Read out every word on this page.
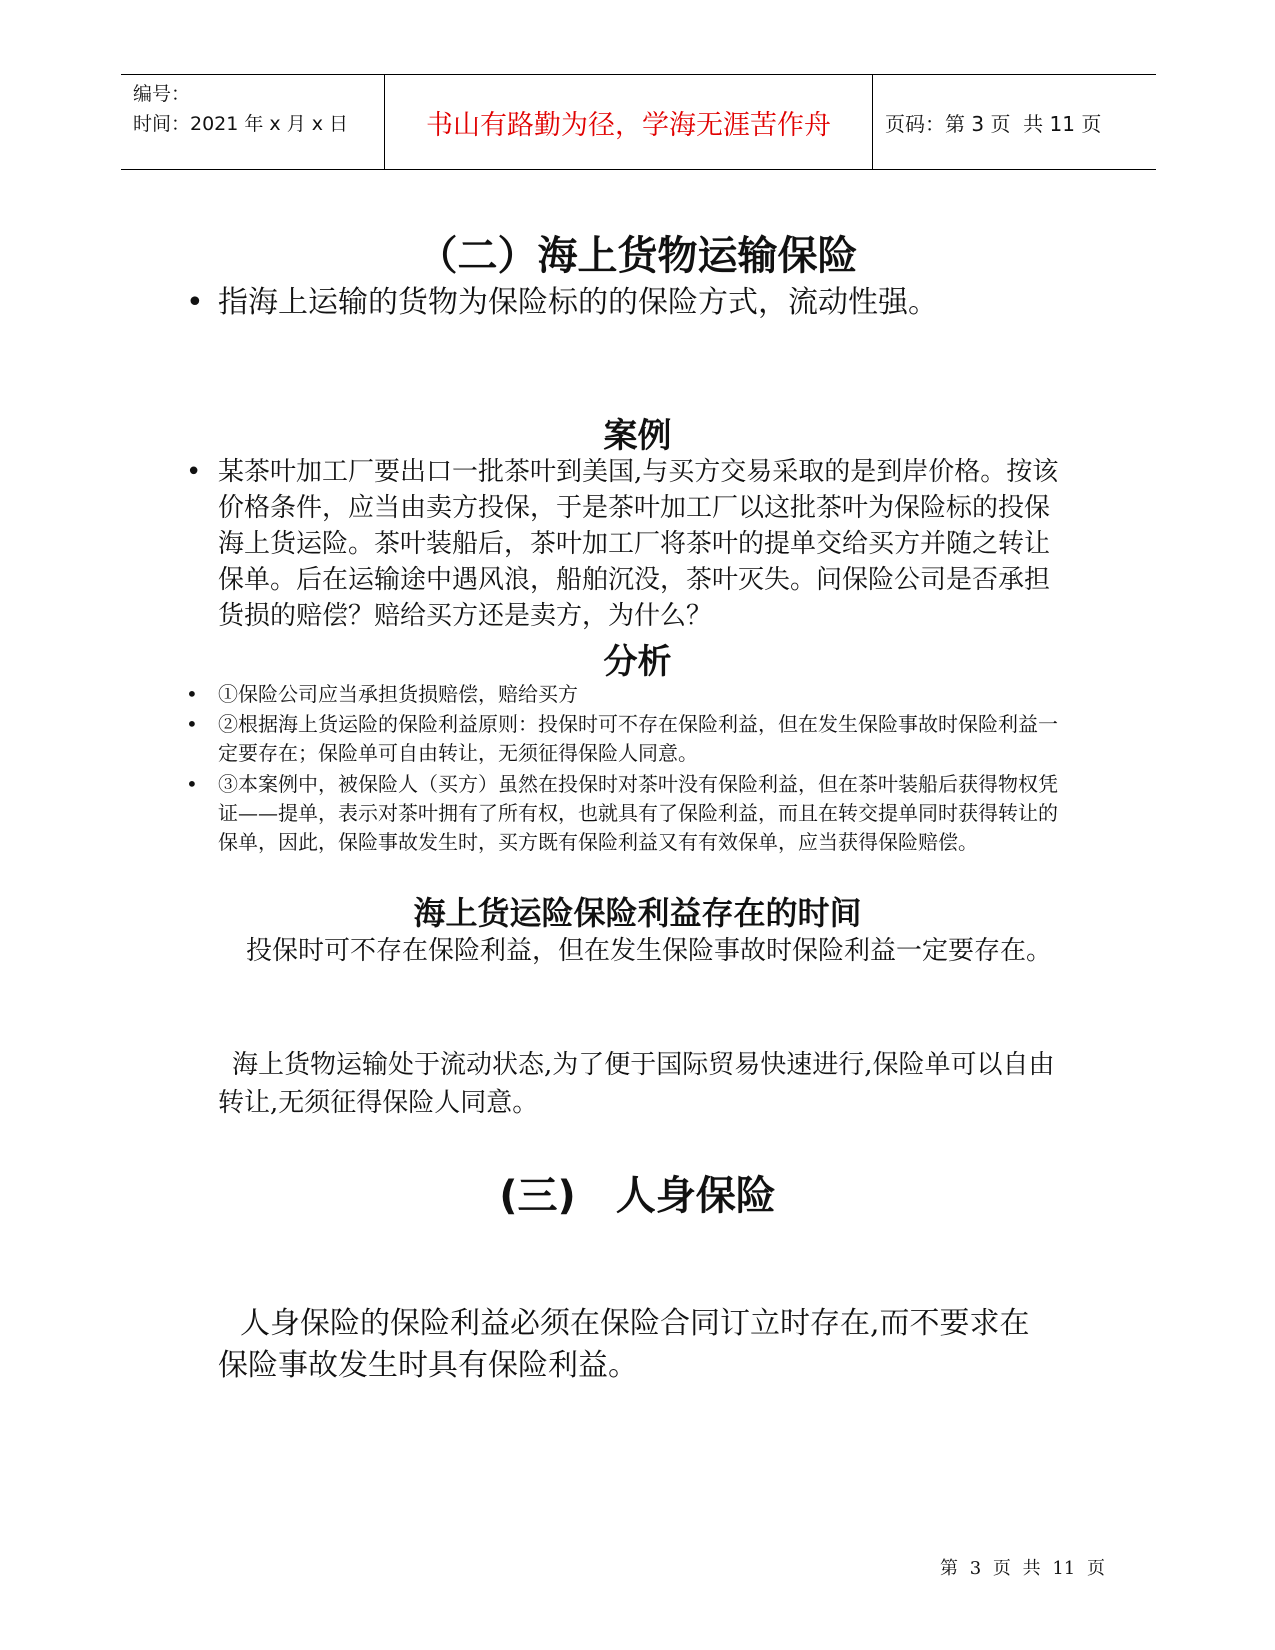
编号：
时间：2021 年 x 月 x 日	书山有路勤为径，学海无涯苦作舟	页码：第 3 页  共 11 页
（二）海上货物运输保险
• 指海上运输的货物为保险标的的保险方式，流动性强。
案例
• 某茶叶加工厂要出口一批茶叶到美国,与买方交易采取的是到岸价格。按该价格条件，应当由卖方投保，于是茶叶加工厂以这批茶叶为保险标的投保海上货运险。茶叶装船后，茶叶加工厂将茶叶的提单交给买方并随之转让保单。后在运输途中遇风浪，船舶沉没，茶叶灭失。问保险公司是否承担货损的赔偿？赔给买方还是卖方，为什么？
分析
•	①保险公司应当承担货损赔偿，赔给买方
•	②根据海上货运险的保险利益原则：投保时可不存在保险利益，但在发生保险事故时保险利益一定要存在；保险单可自由转让，无须征得保险人同意。
•	③本案例中，被保险人（买方）虽然在投保时对茶叶没有保险利益，但在茶叶装船后获得物权凭证——提单，表示对茶叶拥有了所有权，也就具有了保险利益，而且在转交提单同时获得转让的保单，因此，保险事故发生时，买方既有保险利益又有有效保单，应当获得保险赔偿。
海上货运险保险利益存在的时间
投保时可不存在保险利益，但在发生保险事故时保险利益一定要存在。
海上货物运输处于流动状态,为了便于国际贸易快速进行,保险单可以自由转让,无须征得保险人同意。
(三)　人身保险
人身保险的保险利益必须在保险合同订立时存在,而不要求在保险事故发生时具有保险利益。
第 3 页 共 11 页
